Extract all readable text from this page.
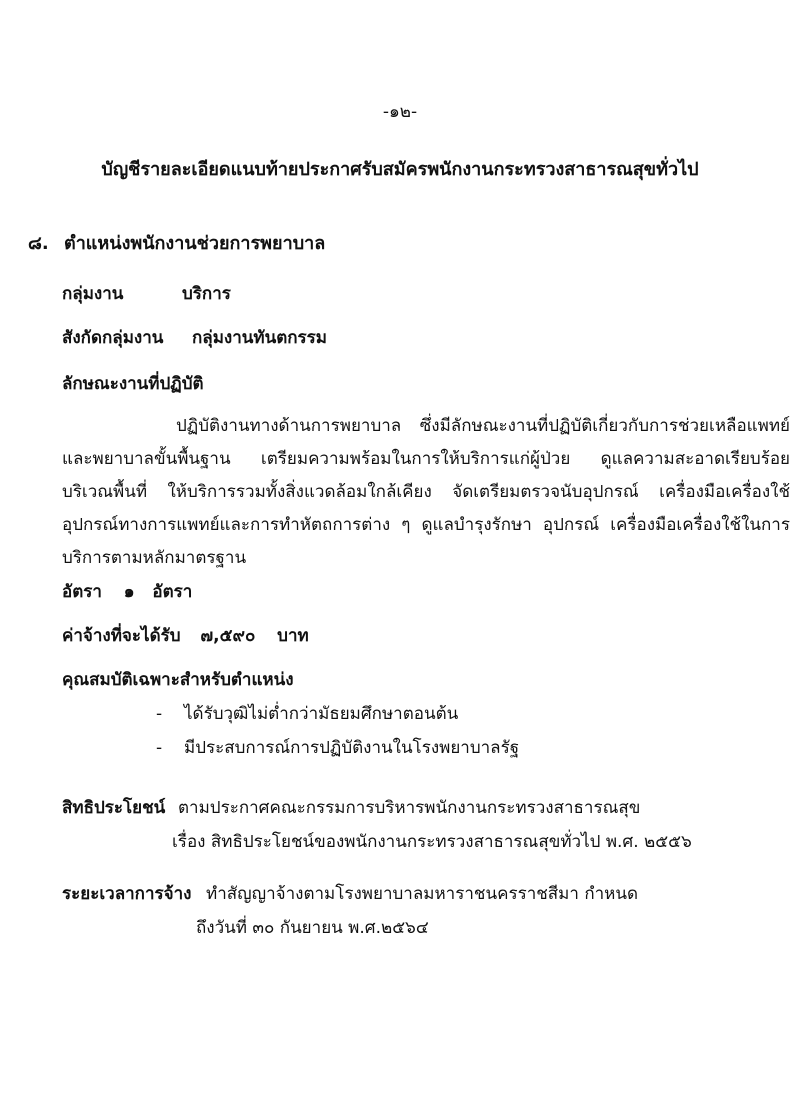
-๑๒-
บัญชีรายละเอียดแนบท้ายประกาศรับสมัครพนักงานกระทรวงสาธารณสุขทั่วไป
๘. ตำแหน่งพนักงานช่วยการพยาบาล
กลุ่มงาน	บริการ
สังกัดกลุ่มงาน กลุ่มงานทันตกรรม
ลักษณะงานที่ปฏิบัติ
ปฏิบัติงานทางด้านการพยาบาล ซึ่งมีลักษณะงานที่ปฏิบัติเกี่ยวกับการช่วยเหลือแพทย์และพยาบาลขั้นพื้นฐาน เตรียมความพร้อมในการให้บริการแก่ผู้ป่วย ดูแลความสะอาดเรียบร้อยบริเวณพื้นที่ ให้บริการรวมทั้งสิ่งแวดล้อมใกล้เคียง จัดเตรียมตรวจนับอุปกรณ์ เครื่องมือเครื่องใช้ อุปกรณ์ทางการแพทย์และการทำหัตถการต่าง ๆ ดูแลบำรุงรักษา อุปกรณ์ เครื่องมือเครื่องใช้ในการบริการตามหลักมาตรฐาน
อัตรา ๑ อัตรา
ค่าจ้างที่จะได้รับ ๗,๕๙๐ บาท
คุณสมบัติเฉพาะสำหรับตำแหน่ง
- ได้รับวุฒิไม่ต่ำกว่ามัธยมศึกษาตอนต้น
- มีประสบการณ์การปฏิบัติงานในโรงพยาบาลรัฐ
สิทธิประโยชน์ ตามประกาศคณะกรรมการบริหารพนักงานกระทรวงสาธารณสุข
เรื่อง สิทธิประโยชน์ของพนักงานกระทรวงสาธารณสุขทั่วไป พ.ศ. ๒๕๕๖
ระยะเวลาการจ้าง ทำสัญญาจ้างตามโรงพยาบาลมหาราชนครราชสีมา กำหนด
ถึงวันที่ ๓๐ กันยายน พ.ศ.๒๕๖๔
